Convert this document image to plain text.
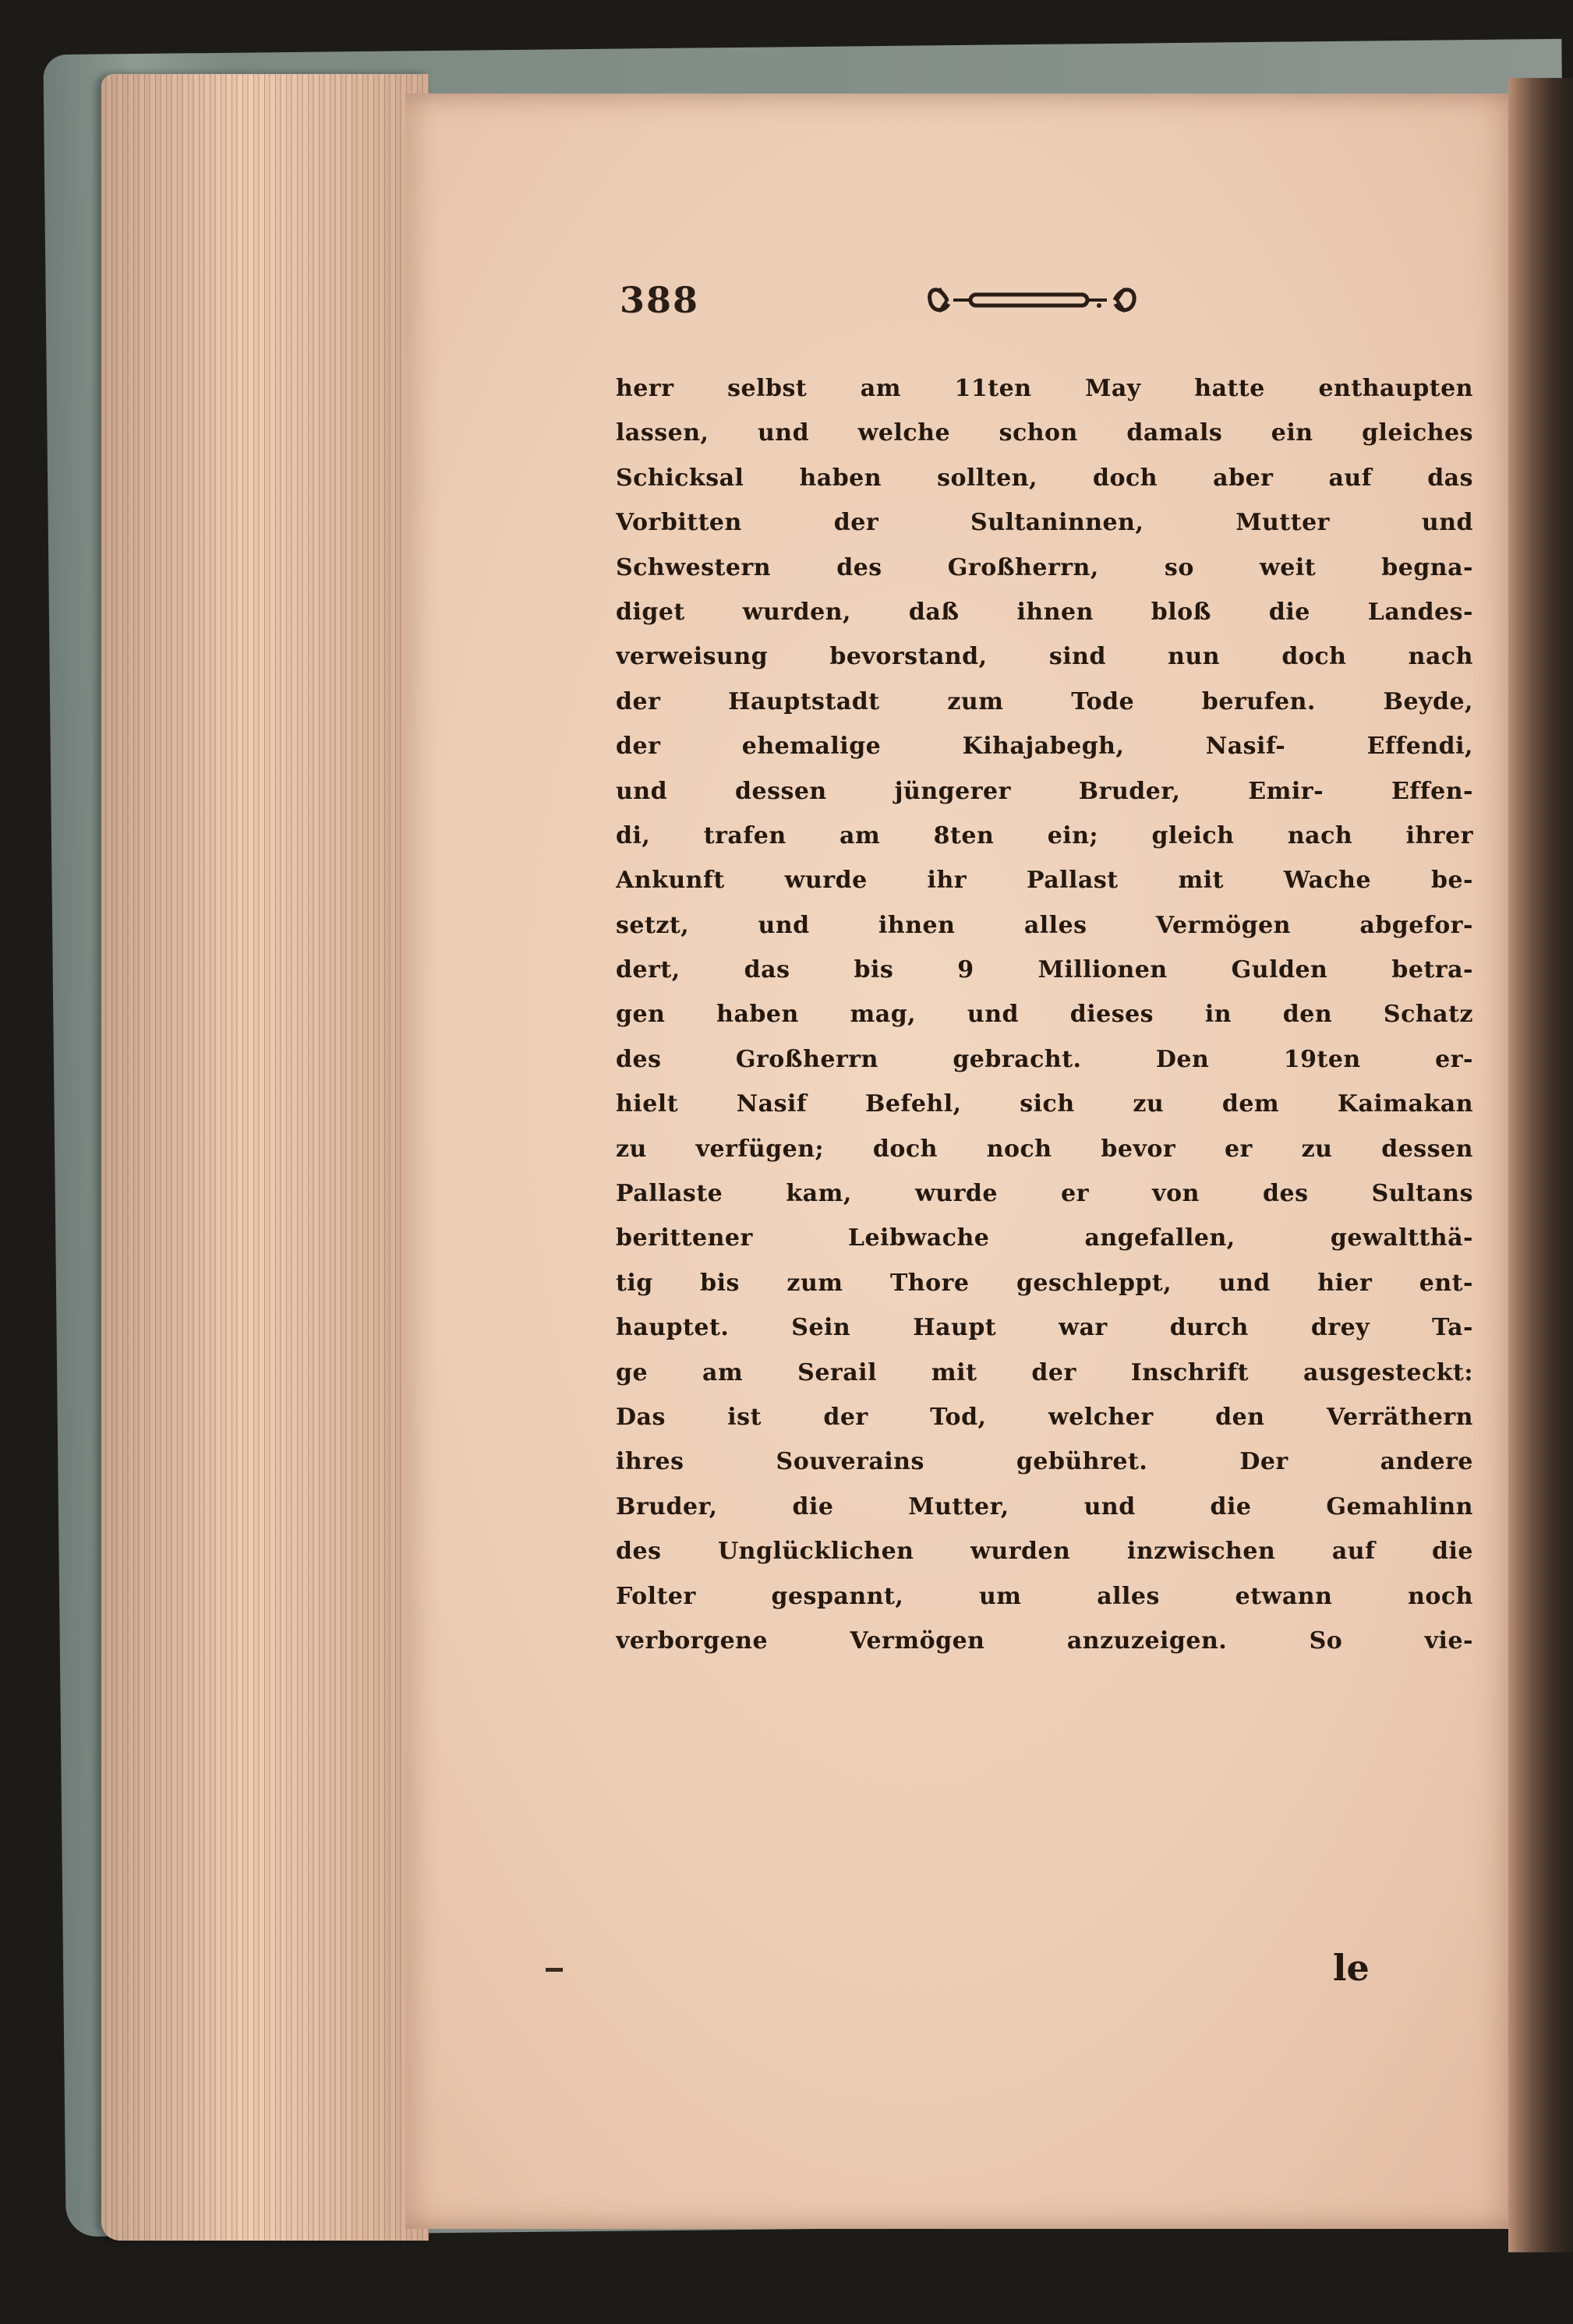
388
herr selbst am 11ten May hatte enthaupten
lassen, und welche schon damals ein gleiches
Schicksal haben sollten, doch aber auf das
Vorbitten der Sultaninnen, Mutter und
Schwestern des Großherrn, so weit begna-
diget wurden, daß ihnen bloß die Landes-
verweisung bevorstand, sind nun doch nach
der Hauptstadt zum Tode berufen. Beyde,
der ehemalige Kihajabegh, Nasif- Effendi,
und dessen jüngerer Bruder, Emir- Effen-
di, trafen am 8ten ein; gleich nach ihrer
Ankunft wurde ihr Pallast mit Wache be-
setzt, und ihnen alles Vermögen abgefor-
dert, das bis 9 Millionen Gulden betra-
gen haben mag, und dieses in den Schatz
des Großherrn gebracht. Den 19ten er-
hielt Nasif Befehl, sich zu dem Kaimakan
zu verfügen; doch noch bevor er zu dessen
Pallaste kam, wurde er von des Sultans
berittener Leibwache angefallen, gewaltthä-
tig bis zum Thore geschleppt, und hier ent-
hauptet. Sein Haupt war durch drey Ta-
ge am Serail mit der Inschrift ausgesteckt:
Das ist der Tod, welcher den Verräthern
ihres Souverains gebühret. Der andere
Bruder, die Mutter, und die Gemahlinn
des Unglücklichen wurden inzwischen auf die
Folter gespannt, um alles etwann noch
verborgene Vermögen anzuzeigen. So vie-
le
